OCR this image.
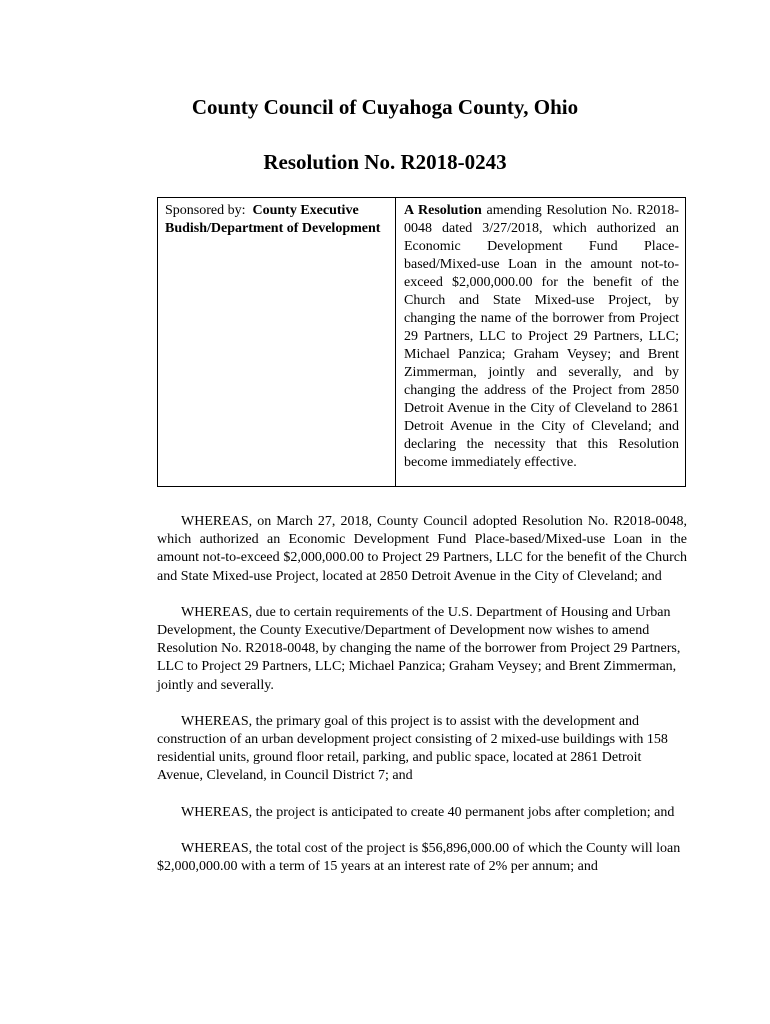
County Council of Cuyahoga County, Ohio
Resolution No. R2018-0243
Sponsored by: County Executive Budish/Department of Development
A Resolution amending Resolution No. R2018-0048 dated 3/27/2018, which authorized an Economic Development Fund Place-based/Mixed-use Loan in the amount not-to-exceed $2,000,000.00 for the benefit of the Church and State Mixed-use Project, by changing the name of the borrower from Project 29 Partners, LLC to Project 29 Partners, LLC; Michael Panzica; Graham Veysey; and Brent Zimmerman, jointly and severally, and by changing the address of the Project from 2850 Detroit Avenue in the City of Cleveland to 2861 Detroit Avenue in the City of Cleveland; and declaring the necessity that this Resolution become immediately effective.

WHEREAS, on March 27, 2018, County Council adopted Resolution No. R2018-0048, which authorized an Economic Development Fund Place-based/Mixed-use Loan in the amount not-to-exceed $2,000,000.00 to Project 29 Partners, LLC for the benefit of the Church and State Mixed-use Project, located at 2850 Detroit Avenue in the City of Cleveland; and

WHEREAS, due to certain requirements of the U.S. Department of Housing and Urban Development, the County Executive/Department of Development now wishes to amend Resolution No. R2018-0048, by changing the name of the borrower from Project 29 Partners, LLC to Project 29 Partners, LLC; Michael Panzica; Graham Veysey; and Brent Zimmerman, jointly and severally.

WHEREAS, the primary goal of this project is to assist with the development and construction of an urban development project consisting of 2 mixed-use buildings with 158 residential units, ground floor retail, parking, and public space, located at 2861 Detroit Avenue, Cleveland, in Council District 7; and

WHEREAS, the project is anticipated to create 40 permanent jobs after completion; and

WHEREAS, the total cost of the project is $56,896,000.00 of which the County will loan $2,000,000.00 with a term of 15 years at an interest rate of 2% per annum; and
